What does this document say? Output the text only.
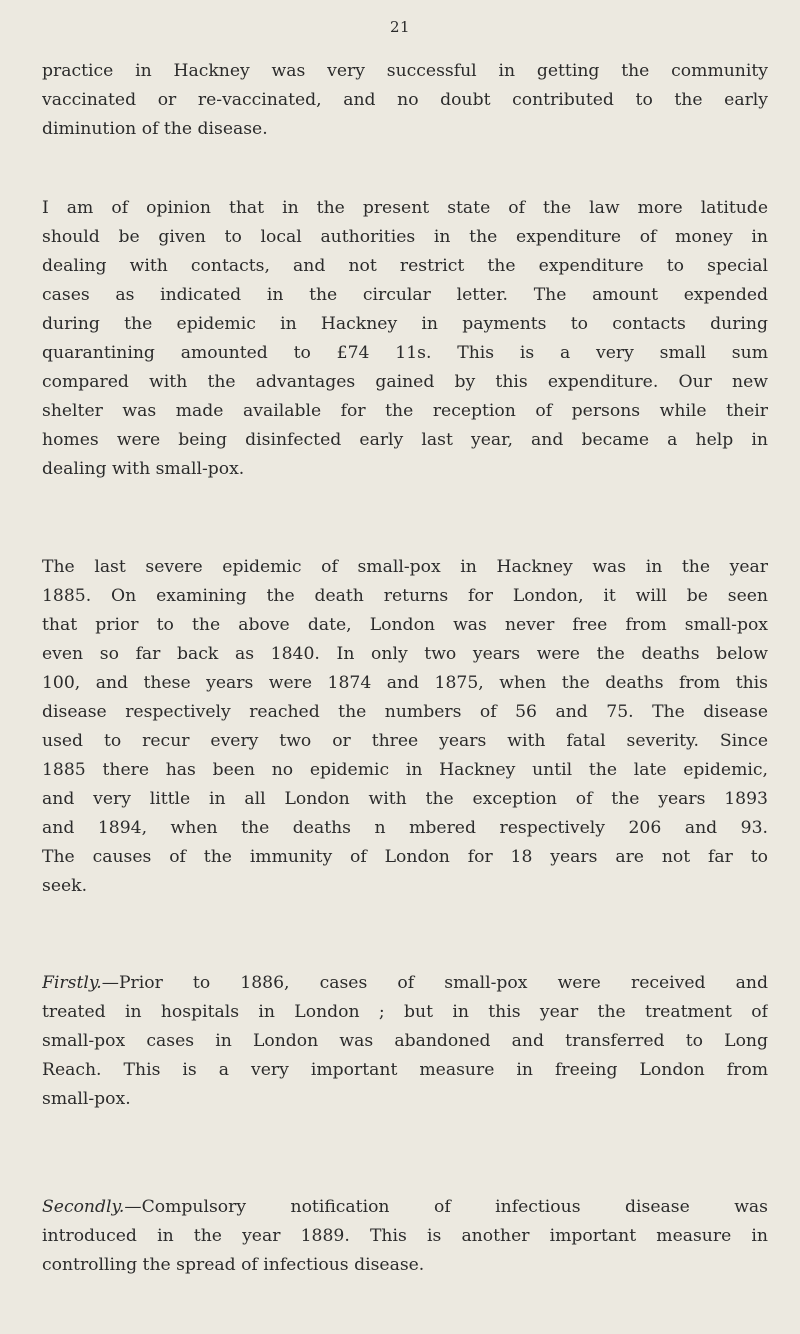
21
practice in Hackney was very successful in getting the community
vaccinated or re-vaccinated, and no doubt contributed to the early
diminution of the disease.
I am of opinion that in the present state of the law more latitude
should be given to local authorities in the expenditure of money in
dealing with contacts, and not restrict the expenditure to special
cases as indicated in the circular letter. The amount expended
during the epidemic in Hackney in payments to contacts during
quarantining amounted to £74 11s. This is a very small sum
compared with the advantages gained by this expenditure. Our new
shelter was made available for the reception of persons while their
homes were being disinfected early last year, and became a help in
dealing with small-pox.
The last severe epidemic of small-pox in Hackney was in the year
1885. On examining the death returns for London, it will be seen
that prior to the above date, London was never free from small-pox
even so far back as 1840. In only two years were the deaths below
100, and these years were 1874 and 1875, when the deaths from this
disease respectively reached the numbers of 56 and 75. The disease
used to recur every two or three years with fatal severity. Since
1885 there has been no epidemic in Hackney until the late epidemic,
and very little in all London with the exception of the years 1893
and 1894, when the deaths n mbered respectively 206 and 93.
The causes of the immunity of London for 18 years are not far to
seek.
Firstly.—Prior to 1886, cases of small-pox were received and
treated in hospitals in London ; but in this year the treatment of
small-pox cases in London was abandoned and transferred to Long
Reach. This is a very important measure in freeing London from
small-pox.
Secondly.—Compulsory notification of infectious disease was
introduced in the year 1889. This is another important measure in
controlling the spread of infectious disease.
